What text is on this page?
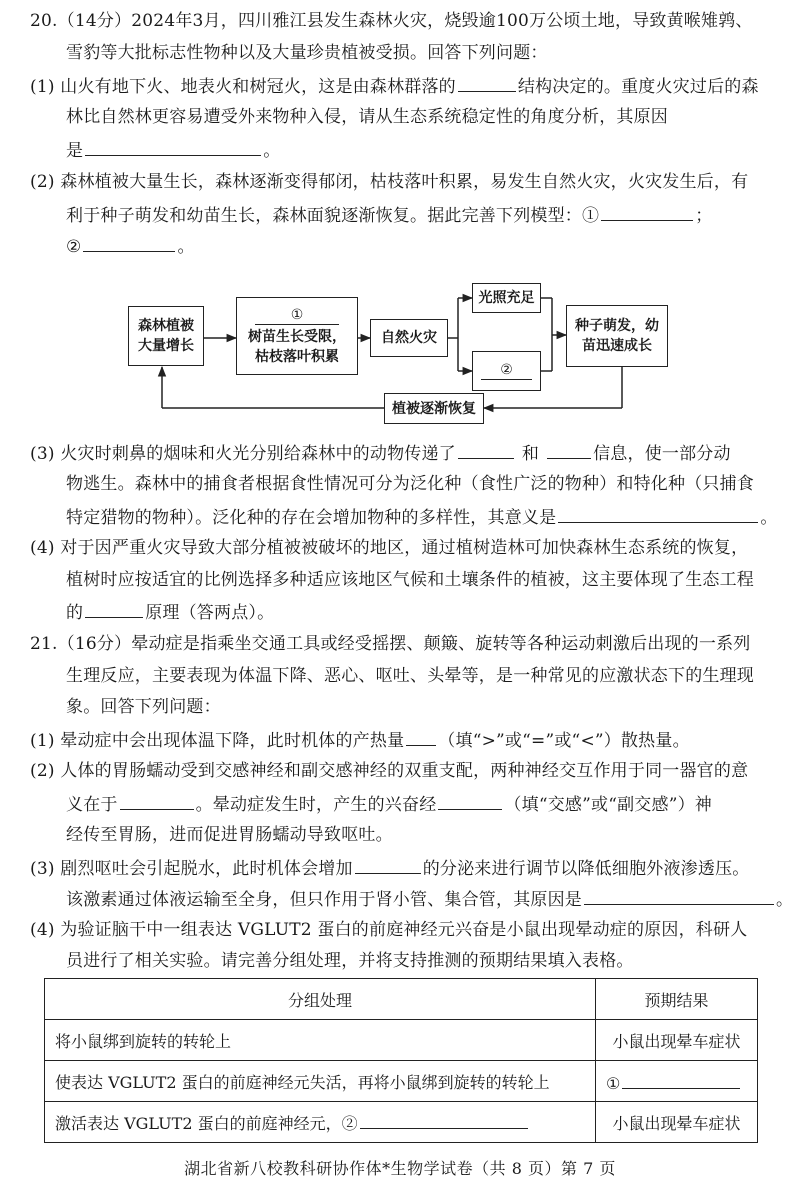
20.（14分）2024年3月，四川雅江县发生森林火灾，烧毁逾100万公顷土地，导致黄喉雉鹑、
雪豹等大批标志性物种以及大量珍贵植被受损。回答下列问题：
(1) 山火有地下火、地表火和树冠火，这是由森林群落的	结构决定的。重度火灾过后的森
林比自然林更容易遭受外来物种入侵，请从生态系统稳定性的角度分析，其原因
是	。
(2) 森林植被大量生长，森林逐渐变得郁闭，枯枝落叶积累，易发生自然火灾，火灾发生后，有
利于种子萌发和幼苗生长，森林面貌逐渐恢复。据此完善下列模型：①	；
②	。
森林植被
大量增长
①
树苗生长受限，
枯枝落叶积累
自然火灾
光照充足
②
种子萌发，幼
苗迅速成长
植被逐渐恢复
(3) 火灾时刺鼻的烟味和火光分别给森林中的动物传递了	和	信息，使一部分动
物逃生。森林中的捕食者根据食性情况可分为泛化种（食性广泛的物种）和特化种（只捕食
特定猎物的物种）。泛化种的存在会增加物种的多样性，其意义是	。
(4) 对于因严重火灾导致大部分植被被破坏的地区，通过植树造林可加快森林生态系统的恢复，
植树时应按适宜的比例选择多种适应该地区气候和土壤条件的植被，这主要体现了生态工程
的	原理（答两点）。
21.（16分）晕动症是指乘坐交通工具或经受摇摆、颠簸、旋转等各种运动刺激后出现的一系列
生理反应，主要表现为体温下降、恶心、呕吐、头晕等，是一种常见的应激状态下的生理现
象。回答下列问题：
(1) 晕动症中会出现体温下降，此时机体的产热量 （填“>”或“=”或“<”）散热量。
(2) 人体的胃肠蠕动受到交感神经和副交感神经的双重支配，两种神经交互作用于同一器官的意
义在于	。晕动症发生时，产生的兴奋经	（填“交感”或“副交感”）神
经传至胃肠，进而促进胃肠蠕动导致呕吐。
(3) 剧烈呕吐会引起脱水，此时机体会增加	的分泌来进行调节以降低细胞外液渗透压。
该激素通过体液运输至全身，但只作用于肾小管、集合管，其原因是	。
(4) 为验证脑干中一组表达 VGLUT2 蛋白的前庭神经元兴奋是小鼠出现晕动症的原因，科研人
员进行了相关实验。请完善分组处理，并将支持推测的预期结果填入表格。
分组处理	预期结果
将小鼠绑到旋转的转轮上	小鼠出现晕车症状
使表达 VGLUT2 蛋白的前庭神经元失活，再将小鼠绑到旋转的转轮上	①
激活表达 VGLUT2 蛋白的前庭神经元，②	小鼠出现晕车症状
湖北省新八校教科研协作体*生物学试卷（共 8 页）第 7 页
